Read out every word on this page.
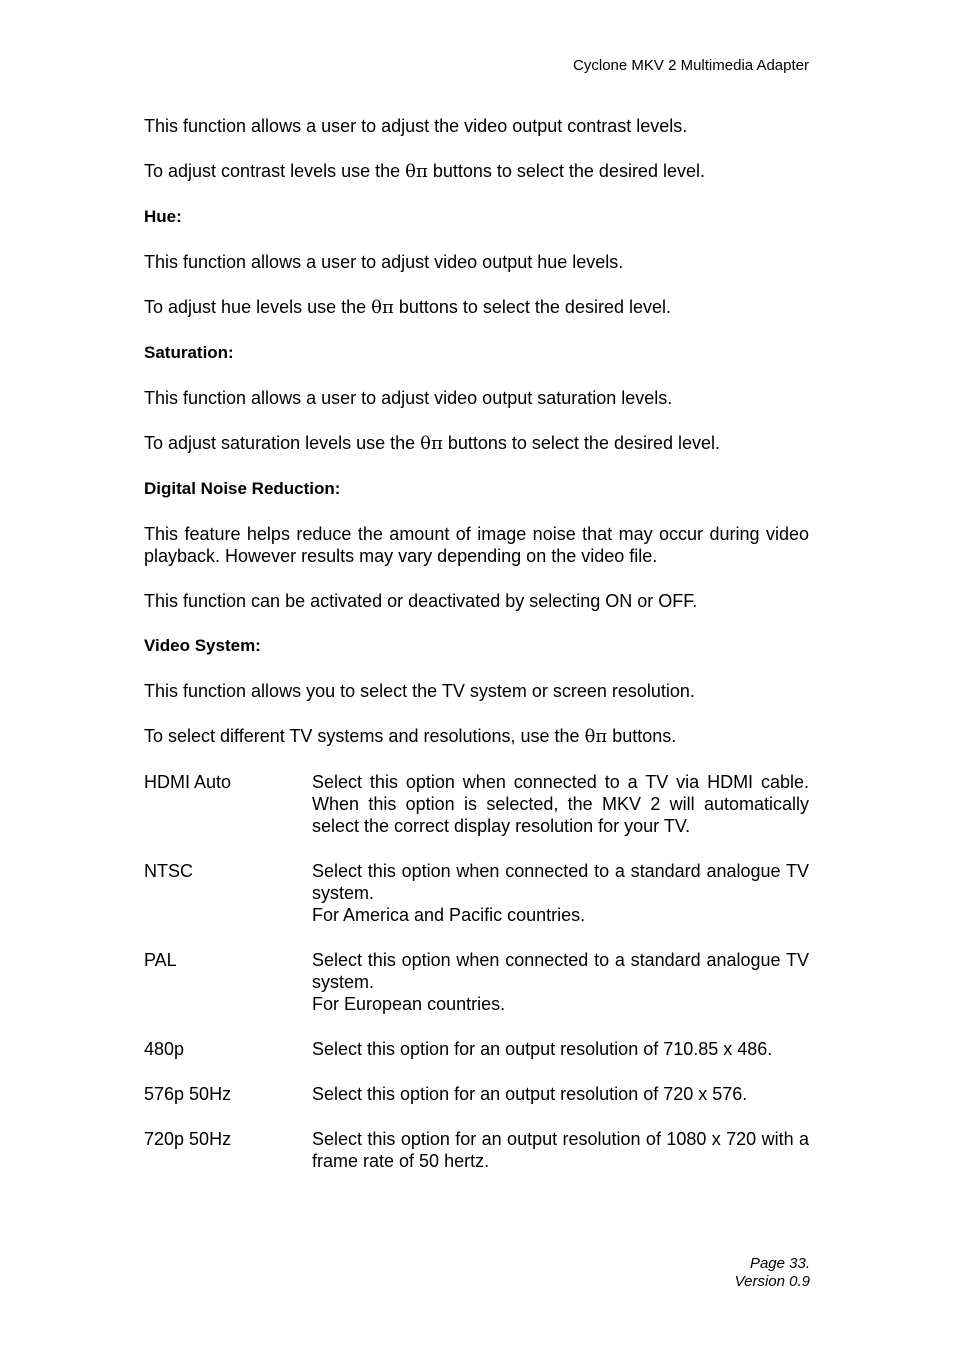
Cyclone MKV 2 Multimedia Adapter

This function allows a user to adjust the video output contrast levels.

To adjust contrast levels use the θπ buttons to select the desired level.

Hue:

This function allows a user to adjust video output hue levels.

To adjust hue levels use the θπ buttons to select the desired level.

Saturation:

This function allows a user to adjust video output saturation levels.

To adjust saturation levels use the θπ buttons to select the desired level.

Digital Noise Reduction:

This feature helps reduce the amount of image noise that may occur during video playback. However results may vary depending on the video file.

This function can be activated or deactivated by selecting ON or OFF.

Video System:

This function allows you to select the TV system or screen resolution.

To select different TV systems and resolutions, use the θπ buttons.

HDMI Auto	Select this option when connected to a TV via HDMI cable. When this option is selected, the MKV 2 will automatically select the correct display resolution for your TV.
NTSC	Select this option when connected to a standard analogue TV system.
For America and Pacific countries.
PAL	Select this option when connected to a standard analogue TV system.
For European countries.
480p	Select this option for an output resolution of 710.85 x 486.
576p 50Hz	Select this option for an output resolution of 720 x 576.
720p 50Hz	Select this option for an output resolution of 1080 x 720 with a frame rate of 50 hertz.
Page 33.
Version 0.9
